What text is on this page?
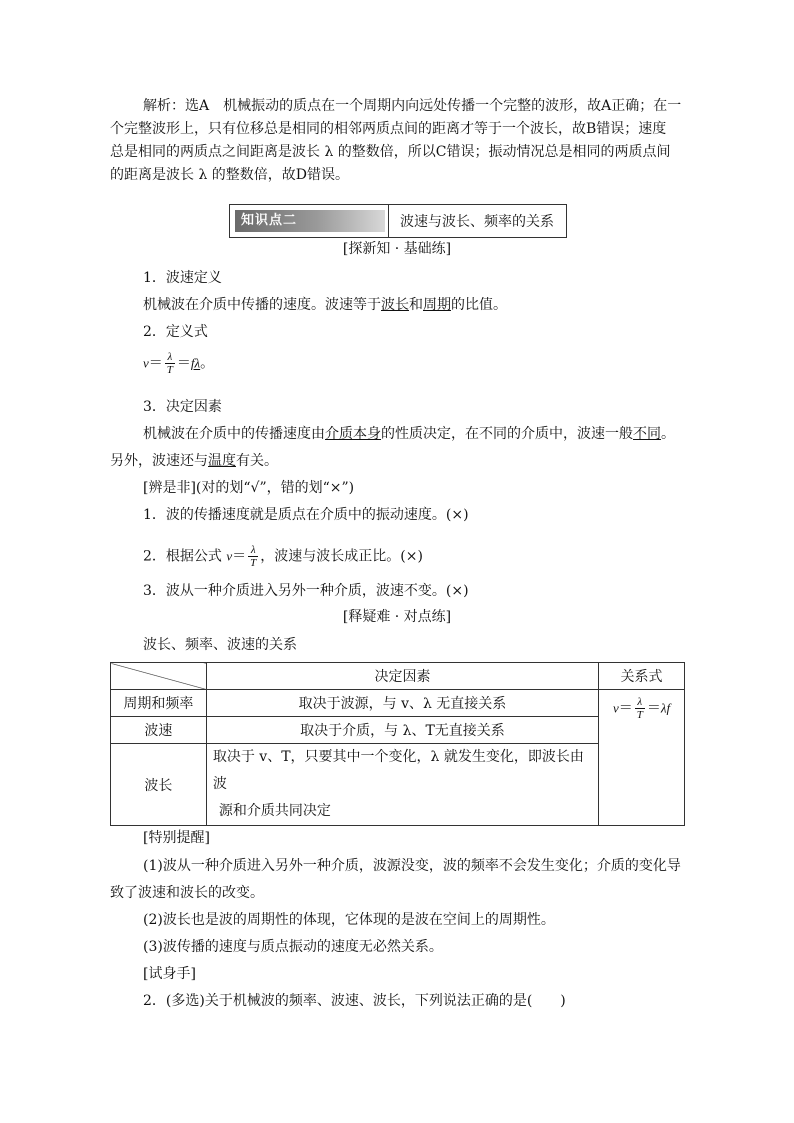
解析：选A　机械振动的质点在一个周期内向远处传播一个完整的波形，故A正确；在一
个完整波形上，只有位移总是相同的相邻两质点间的距离才等于一个波长，故B错误；速度
总是相同的两质点之间距离是波长 λ 的整数倍，所以C错误；振动情况总是相同的两质点间
的距离是波长 λ 的整数倍，故D错误。
知识点二	波速与波长、频率的关系
[探新知 · 基础练]
1．波速定义
机械波在介质中传播的速度。波速等于波长和周期的比值。
2．定义式
$v= \frac{\lambda}{T} =f\lambda$。
3．决定因素
机械波在介质中的传播速度由介质本身的性质决定，在不同的介质中，波速一般不同。
另外，波速还与温度有关。
[辨是非](对的划“√”，错的划“×”)
1．波的传播速度就是质点在介质中的振动速度。(×)
2．根据公式 $v= \frac{\lambda}{T}$ ，波速与波长成正比。(×)
3．波从一种介质进入另外一种介质，波速不变。(×)
[释疑难 · 对点练]
波长、频率、波速的关系
	决定因素	关系式
周期和频率	取决于波源，与 v、λ 无直接关系	$v= \frac{\lambda}{T} =\lambda f$
波速	取决于介质，与 λ、T无直接关系	
波长	取决于 v、T，只要其中一个变化，λ 就发生变化，即波长由波
源和介质共同决定	
[特别提醒]
(1)波从一种介质进入另外一种介质，波源没变，波的频率不会发生变化；介质的变化导
致了波速和波长的改变。
(2)波长也是波的周期性的体现，它体现的是波在空间上的周期性。
(3)波传播的速度与质点振动的速度无必然关系。
[试身手]
2．(多选)关于机械波的频率、波速、波长，下列说法正确的是(　　)
